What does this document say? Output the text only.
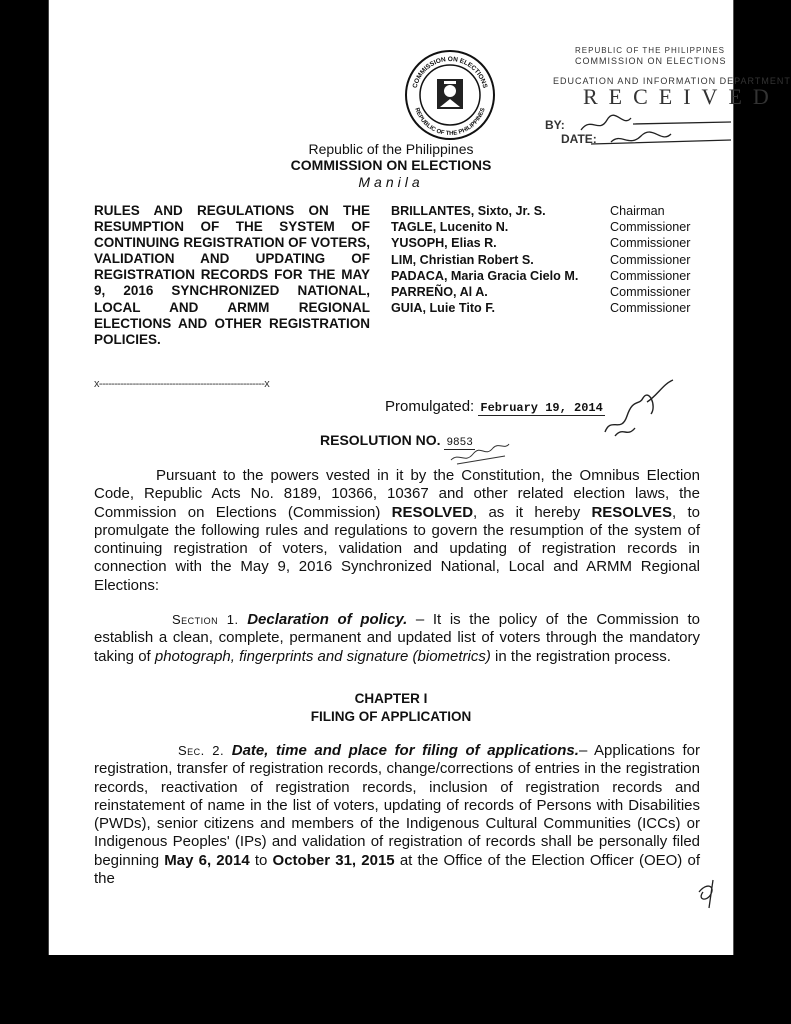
COMMISSION ON ELECTIONS
REPUBLIC OF THE PHILIPPINES
REPUBLIC OF THE PHILIPPINES
COMMISSION ON ELECTIONS
EDUCATION AND INFORMATION DEPARTMENT
RECEIVED
BY:
DATE:
Republic of the Philippines
COMMISSION ON ELECTIONS
Manila
RULES AND REGULATIONS ON THE RESUMPTION OF THE SYSTEM OF CONTINUING REGISTRATION OF VOTERS, VALIDATION AND UPDATING OF REGISTRATION RECORDS FOR THE MAY 9, 2016 SYNCHRONIZED NATIONAL, LOCAL AND ARMM REGIONAL ELECTIONS AND OTHER REGISTRATION POLICIES.
BRILLANTES, Sixto, Jr. S.	Chairman
TAGLE, Lucenito N.	Commissioner
YUSOPH, Elias R.	Commissioner
LIM, Christian Robert S.	Commissioner
PADACA, Maria Gracia Cielo M.	Commissioner
PARREÑO, Al A.	Commissioner
GUIA, Luie Tito F.	Commissioner
x------------------------------------------------------x
Promulgated: February 19, 2014
RESOLUTION NO. 9853
Pursuant to the powers vested in it by the Constitution, the Omnibus Election Code, Republic Acts No. 8189, 10366, 10367 and other related election laws, the Commission on Elections (Commission) RESOLVED, as it hereby RESOLVES, to promulgate the following rules and regulations to govern the resumption of the system of continuing registration of voters, validation and updating of registration records in connection with the May 9, 2016 Synchronized National, Local and ARMM Regional Elections:
Section 1. Declaration of policy. – It is the policy of the Commission to establish a clean, complete, permanent and updated list of voters through the mandatory taking of photograph, fingerprints and signature (biometrics) in the registration process.
CHAPTER I
FILING OF APPLICATION
Sec. 2. Date, time and place for filing of applications.– Applications for registration, transfer of registration records, change/corrections of entries in the registration records, reactivation of registration records, inclusion of registration records and reinstatement of name in the list of voters, updating of records of Persons with Disabilities (PWDs), senior citizens and members of the Indigenous Cultural Communities (ICCs) or Indigenous Peoples' (IPs) and validation of registration of records shall be personally filed beginning May 6, 2014 to October 31, 2015 at the Office of the Election Officer (OEO) of the
